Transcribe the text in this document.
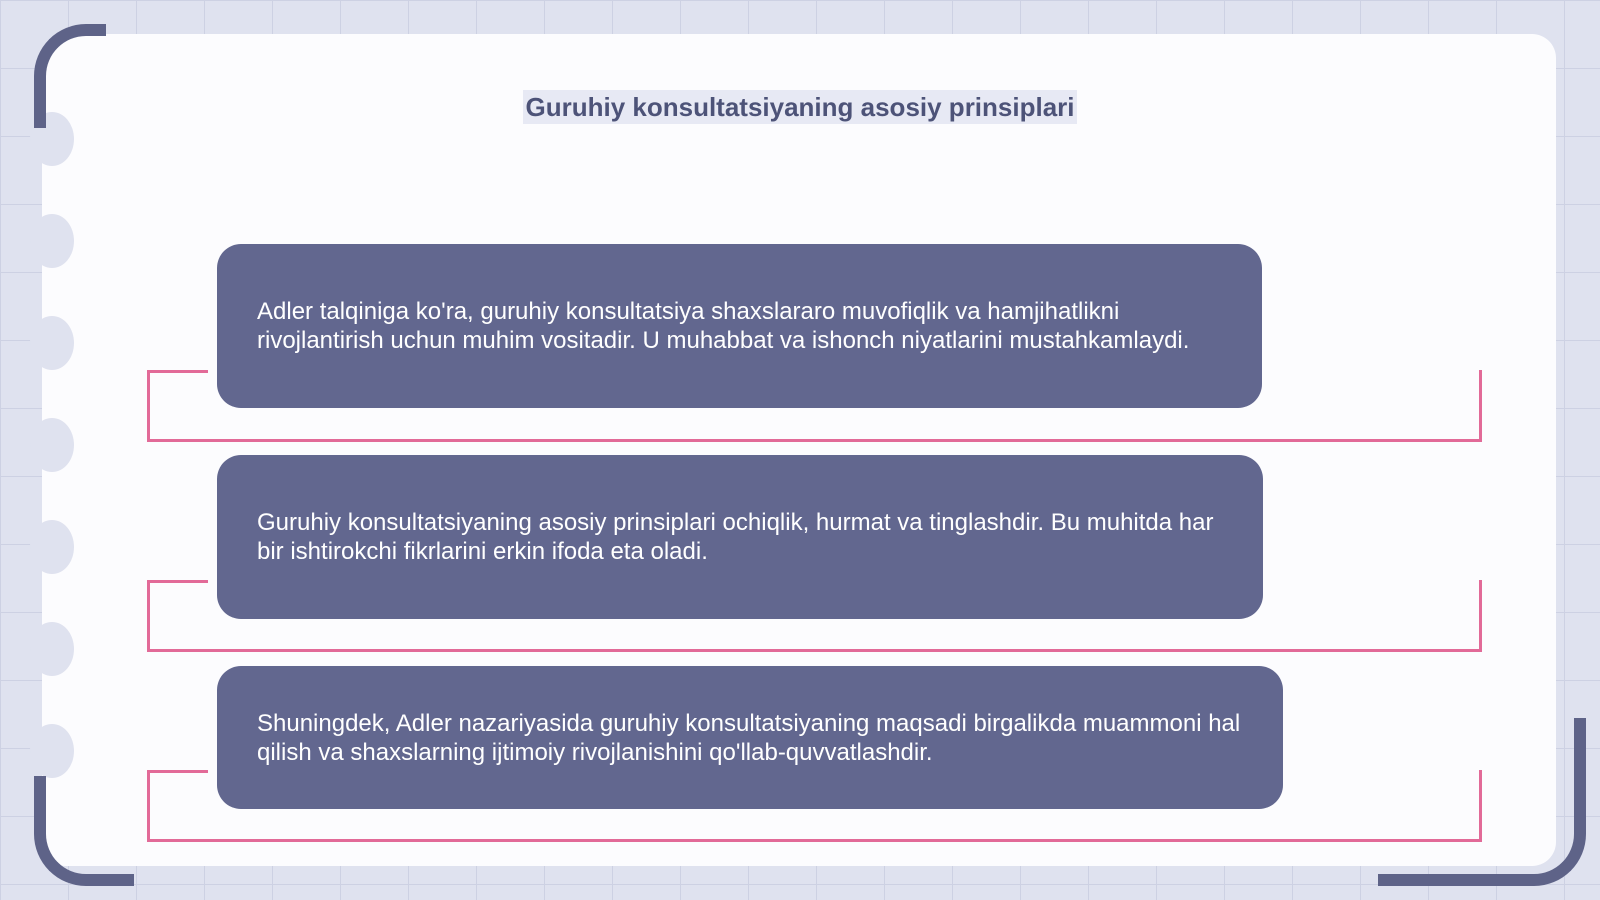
Guruhiy konsultatsiyaning asosiy prinsiplari

Adler talqiniga ko'ra, guruhiy konsultatsiya shaxslararo muvofiqlik va hamjihatlikni rivojlantirish uchun muhim vositadir. U muhabbat va ishonch niyatlarini mustahkamlaydi.

Guruhiy konsultatsiyaning asosiy prinsiplari ochiqlik, hurmat va tinglashdir. Bu muhitda har bir ishtirokchi fikrlarini erkin ifoda eta oladi.

Shuningdek, Adler nazariyasida guruhiy konsultatsiyaning maqsadi birgalikda muammoni hal qilish va shaxslarning ijtimoiy rivojlanishini qo'llab-quvvatlashdir.
